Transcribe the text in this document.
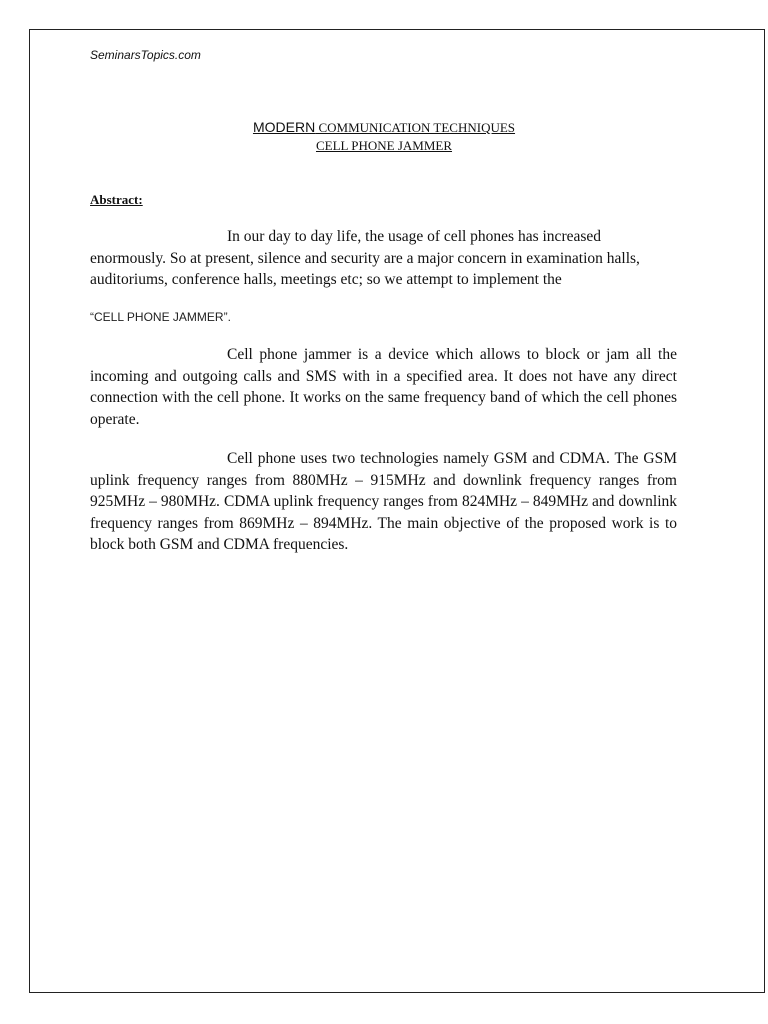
SeminarsTopics.com
MODERN COMMUNICATION TECHNIQUES
CELL PHONE JAMMER
Abstract:
In our day to day life, the usage of cell phones has increased enormously. So at present, silence and security are a major concern in examination halls, auditoriums, conference halls, meetings etc; so we attempt to implement the
“CELL PHONE JAMMER”.
Cell phone jammer is a device which allows to block or jam all the incoming and outgoing calls and SMS with in a specified area. It does not have any direct connection with the cell phone. It works on the same frequency band of which the cell phones operate.
Cell phone uses two technologies namely GSM and CDMA. The GSM uplink frequency ranges from 880MHz – 915MHz and downlink frequency ranges from 925MHz – 980MHz. CDMA uplink frequency ranges from 824MHz – 849MHz and downlink frequency ranges from 869MHz – 894MHz. The main objective of the proposed work is to block both GSM and CDMA frequencies.
